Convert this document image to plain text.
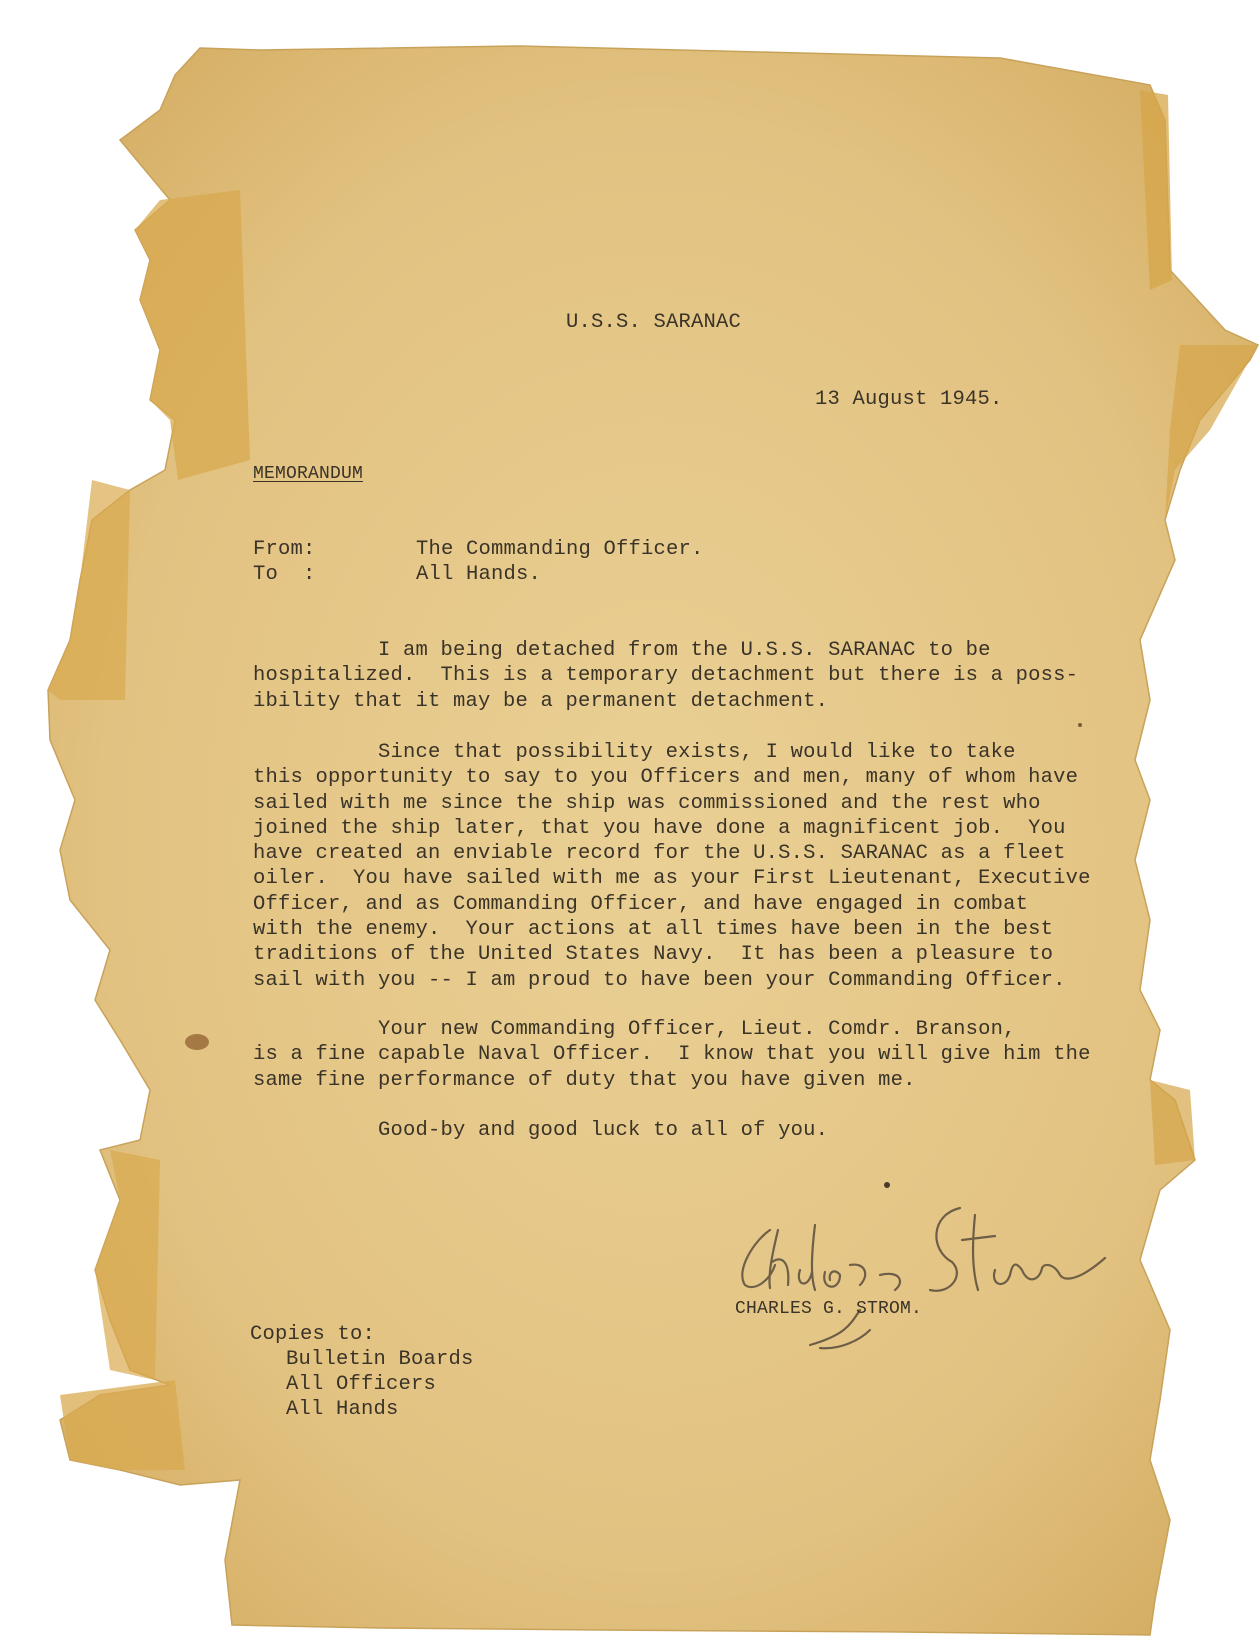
U.S.S. SARANAC
13 August 1945.
MEMORANDUM
From:	The Commanding Officer.
To  :	All Hands.
I am being detached from the U.S.S. SARANAC to be
hospitalized.  This is a temporary detachment but there is a poss-
ibility that it may be a permanent detachment.
Since that possibility exists, I would like to take
this opportunity to say to you Officers and men, many of whom have
sailed with me since the ship was commissioned and the rest who
joined the ship later, that you have done a magnificent job.  You
have created an enviable record for the U.S.S. SARANAC as a fleet
oiler.  You have sailed with me as your First Lieutenant, Executive
Officer, and as Commanding Officer, and have engaged in combat
with the enemy.  Your actions at all times have been in the best
traditions of the United States Navy.  It has been a pleasure to
sail with you -- I am proud to have been your Commanding Officer.
Your new Commanding Officer, Lieut. Comdr. Branson,
is a fine capable Naval Officer.  I know that you will give him the
same fine performance of duty that you have given me.
Good-by and good luck to all of you.
CHARLES G. STROM.
Copies to:
Bulletin Boards
All Officers
All Hands
